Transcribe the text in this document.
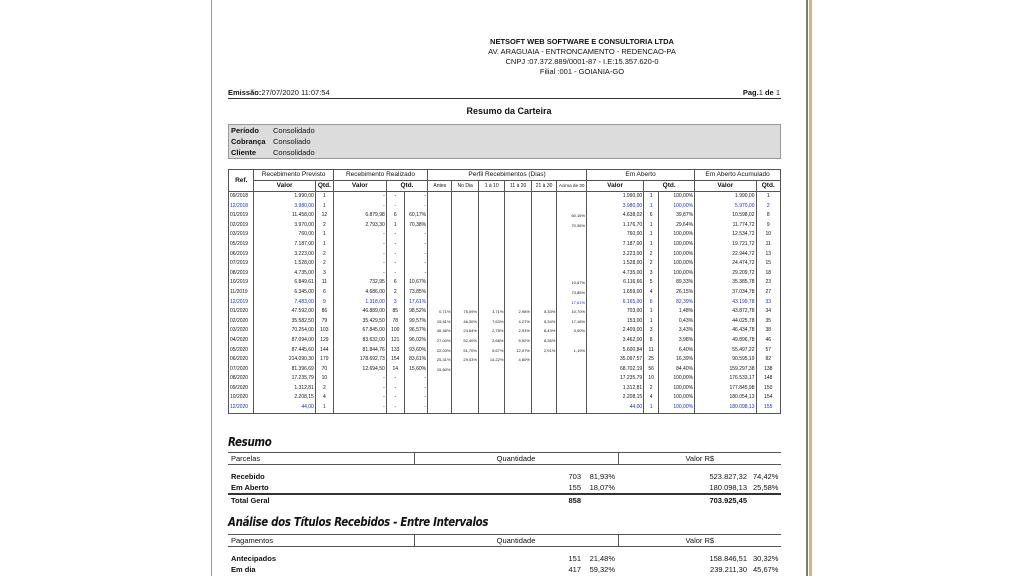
NETSOFT WEB SOFTWARE E CONSULTORIA LTDA
AV. ARAGUAIA - ENTRONCAMENTO - REDENCAO-PA
CNPJ :07.372.889/0001-87 - I.E:15.357.620-0
Filial :001 - GOIANIA-GO
Emissão:27/07/2020 11:07:54	Pag.1 de 1
Resumo da Carteira
Período Consolidado
Cobrança Consoliado
Cliente Consolidado
Ref.	Recebimento Previsto		Recebimento Realizado			Perfil Recebimentos (Dias)						Em Aberto			Em Aberto Acumulado	
	Valor	Qtd.	Valor	Qtd.		Antes	No Dia	1 à 10	11 à 20	21 à 30	Acima de 30	Valor	Qtd.		Valor	Qtd.
09/2018	1.990,00	1	-	-	-							1.990,00	1	100,00%	1.990,00	1
12/2018	3.980,00	1	-	-	-							3.980,00	1	100,00%	5.970,00	2
01/2019	11.458,00	12	6.879,98	6	60,17%						60,15%	4.638,02	6	39,87%	10.598,02	8
02/2019	3.970,00	2	2.793,30	1	70,38%						70,36%	1.176,70	1	29,64%	11.774,72	9
03/2019	760,00	1	-	-	-							760,00	1	100,00%	12.534,72	10
05/2019	7.187,00	1	-	-	-							7.187,00	1	100,00%	19.721,72	11
06/2019	3.223,00	2	-	-	-							3.223,00	2	100,00%	22.944,72	13
07/2019	1.528,00	2	-	-	-							1.528,00	2	100,00%	24.474,72	15
08/2019	4.735,00	3	-	-	-							4.735,00	3	100,00%	29.209,72	18
10/2019	6.849,61	11	732,95	6	10,67%						10,67%	6.116,66	5	89,33%	35.385,78	23
11/2019	6.345,00	6	4.686,00	2	73,85%						73,85%	1.659,00	4	26,15%	37.034,78	27
12/2019	7.483,00	9	1.318,00	3	17,61%						17,61%	6.165,00	6	82,39%	43.199,78	33
01/2020	47.592,00	86	46.889,00	85	98,52%	0,71%	75,09%	3,71%	2,98%	5,33%	10,70%	703,00	1	1,48%	43.872,78	34
02/2020	35.582,50	79	35.429,50	78	99,57%	15,81%	46,30%	7,63%	4,27%	5,34%	17,18%	153,00	1	0,43%	44.025,78	35
03/2020	70.254,00	103	67.845,00	100	96,57%	46,46%	24,64%	2,78%	2,93%	6,43%	3,00%	2.409,00	3	3,43%	46.434,78	38
04/2020	87.094,00	129	83.632,00	121	96,02%	27,00%	52,40%	2,68%	5,92%	8,36%		3.462,00	8	3,98%	49.896,78	46
05/2020	87.445,60	144	81.844,76	133	93,60%	22,03%	51,70%	5,67%	12,07%	2,91%	1,19%	5.600,84	11	6,40%	55.497,22	57
06/2020	214.090,30	179	178.692,73	154	83,61%	25,31%	29,03%	14,22%	4,60%			35.097,57	25	16,39%	90.595,19	82
07/2020	81.396,69	70	12.694,50	14	15,60%	15,60%						68.702,19	56	84,40%	159.297,38	138
08/2020	17.235,79	10	-	-	-							17.235,79	10	100,00%	176.533,17	148
09/2020	1.312,81	2	-	-	-							1.312,81	2	100,00%	177.845,98	150
10/2020	2.208,15	4	-	-	-							2.208,15	4	100,00%	180.054,13	154
12/2020	44,00	1	-	-	-							44,00	1	100,00%	180.098,13	155
Resumo
Parcelas	Quantidade		Valor R$	

Recebido	703	81,93%	523.827,32	74,42%
Em Aberto	155	18,07%	180.098,13	25,58%
Total Geral	858		703.925,45	
Análise dos Títulos Recebidos - Entre Intervalos
Pagamentos	Quantidade		Valor R$	

Antecipados	151	21,48%	158.846,51	30,32%
Em dia	417	59,32%	239.211,30	45,67%
